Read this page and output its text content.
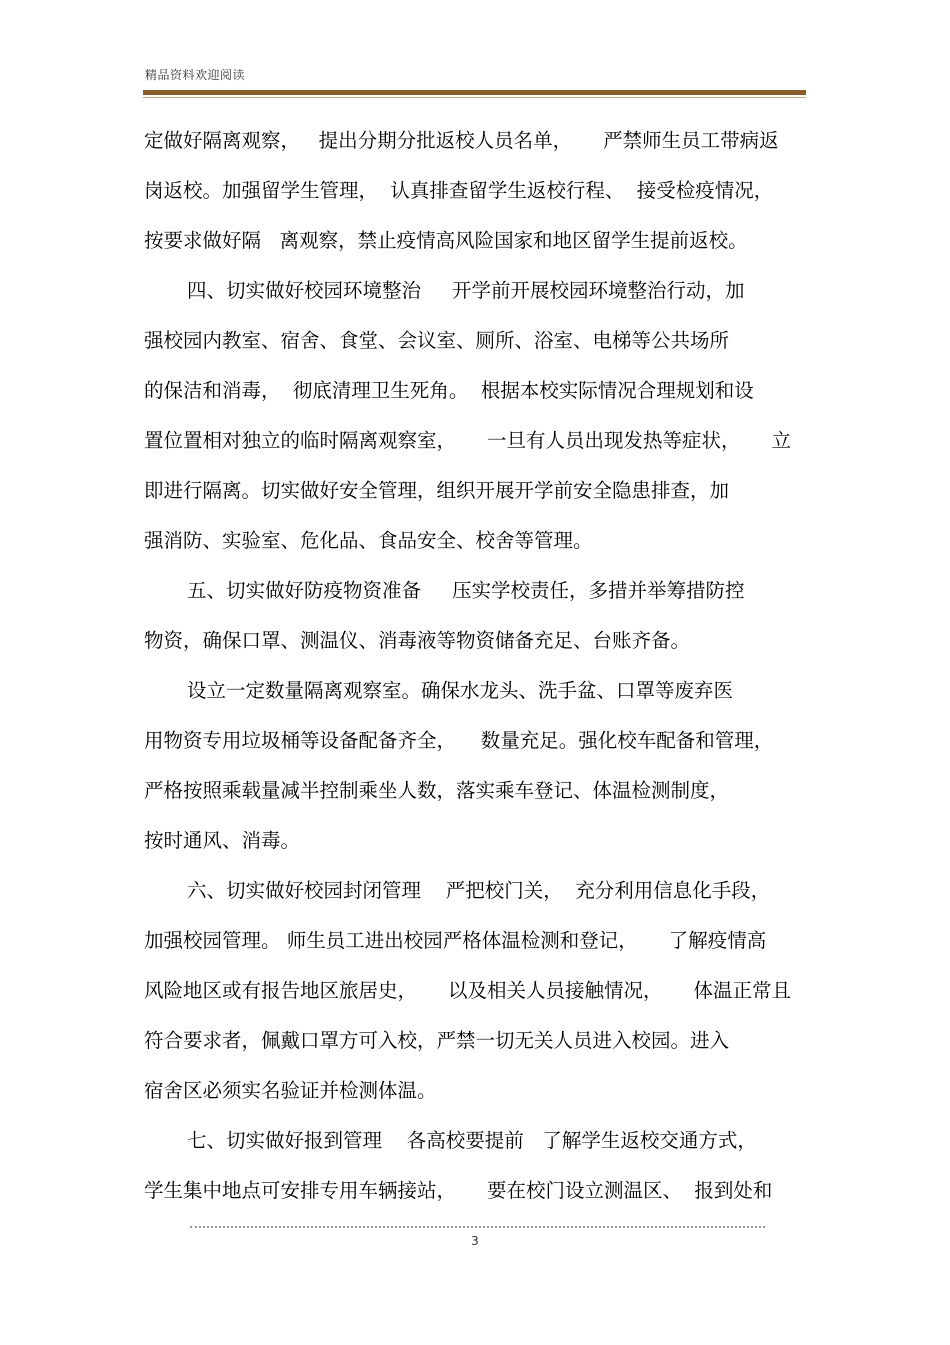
精品资料欢迎阅读
定做好隔离观察，   提出分期分批返校人员名单，     严禁师生员工带病返
岗返校。加强留学生管理，  认真排查留学生返校行程、  接受检疫情况，
按要求做好隔   离观察，禁止疫情高风险国家和地区留学生提前返校。
四、切实做好校园环境整治     开学前开展校园环境整治行动，加
强校园内教室、宿舍、食堂、会议室、厕所、浴室、电梯等公共场所
的保洁和消毒，  彻底清理卫生死角。  根据本校实际情况合理规划和设
置位置相对独立的临时隔离观察室，     一旦有人员出现发热等症状，     立
即进行隔离。切实做好安全管理，组织开展开学前安全隐患排查，加
强消防、实验室、危化品、食品安全、校舍等管理。
五、切实做好防疫物资准备     压实学校责任，多措并举筹措防控
物资，确保口罩、测温仪、消毒液等物资储备充足、台账齐备。
设立一定数量隔离观察室。确保水龙头、洗手盆、口罩等废弃医
用物资专用垃圾桶等设备配备齐全，    数量充足。强化校车配备和管理，
严格按照乘载量减半控制乘坐人数，落实乘车登记、体温检测制度，
按时通风、消毒。
六、切实做好校园封闭管理    严把校门关，  充分利用信息化手段，
加强校园管理。 师生员工进出校园严格体温检测和登记，     了解疫情高
风险地区或有报告地区旅居史，     以及相关人员接触情况，     体温正常且
符合要求者，佩戴口罩方可入校，严禁一切无关人员进入校园。进入
宿舍区必须实名验证并检测体温。
七、切实做好报到管理    各高校要提前   了解学生返校交通方式，
学生集中地点可安排专用车辆接站，     要在校门设立测温区、  报到处和
3
